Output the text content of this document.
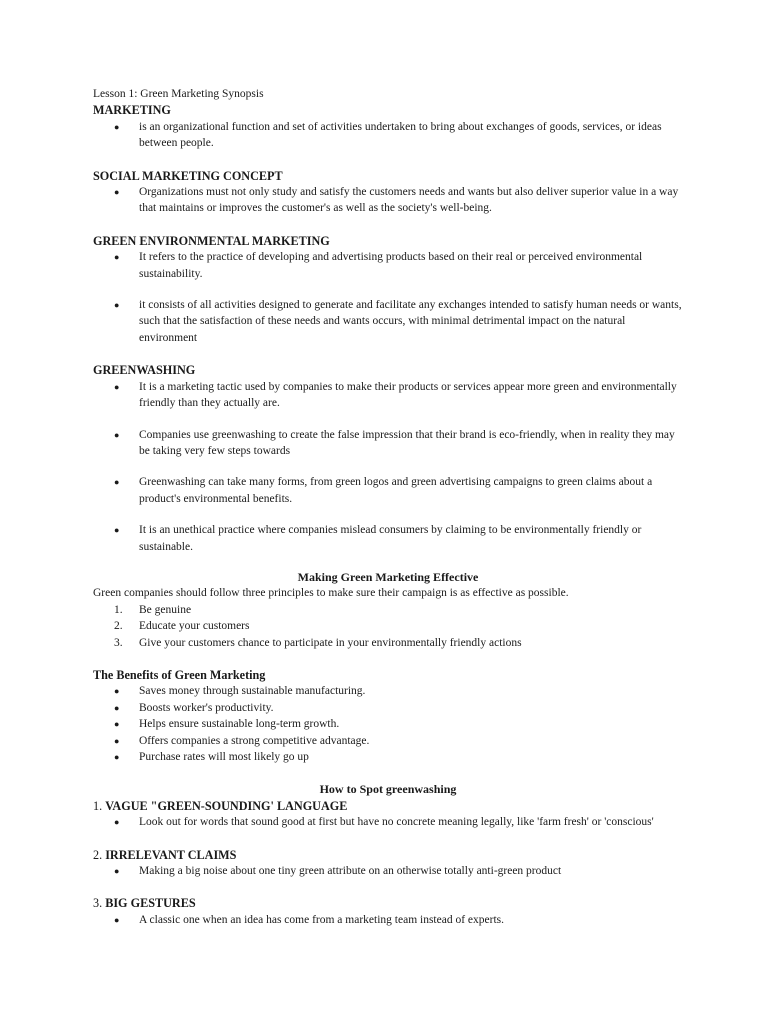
Lesson 1: Green Marketing Synopsis

MARKETING

● is an organizational function and set of activities undertaken to bring about exchanges of goods, services, or ideas between people.

SOCIAL MARKETING CONCEPT

● Organizations must not only study and satisfy the customers needs and wants but also deliver superior value in a way that maintains or improves the customer's as well as the society's well-being.

GREEN ENVIRONMENTAL MARKETING

● It refers to the practice of developing and advertising products based on their real or perceived environmental sustainability.
● it consists of all activities designed to generate and facilitate any exchanges intended to satisfy human needs or wants, such that the satisfaction of these needs and wants occurs, with minimal detrimental impact on the natural environment

GREENWASHING

● It is a marketing tactic used by companies to make their products or services appear more green and environmentally friendly than they actually are.
● Companies use greenwashing to create the false impression that their brand is eco-friendly, when in reality they may be taking very few steps towards
● Greenwashing can take many forms, from green logos and green advertising campaigns to green claims about a product's environmental benefits.
● It is an unethical practice where companies mislead consumers by claiming to be environmentally friendly or sustainable.

Making Green Marketing Effective

Green companies should follow three principles to make sure their campaign is as effective as possible.

1. Be genuine
2. Educate your customers
3. Give your customers chance to participate in your environmentally friendly actions

The Benefits of Green Marketing

● Saves money through sustainable manufacturing.
● Boosts worker's productivity.
● Helps ensure sustainable long-term growth.
● Offers companies a strong competitive advantage.
● Purchase rates will most likely go up

How to Spot greenwashing

1. VAGUE "GREEN-SOUNDING' LANGUAGE

● Look out for words that sound good at first but have no concrete meaning legally, like 'farm fresh' or 'conscious'

2. IRRELEVANT CLAIMS

● Making a big noise about one tiny green attribute on an otherwise totally anti-green product

3. BIG GESTURES

● A classic one when an idea has come from a marketing team instead of experts.
